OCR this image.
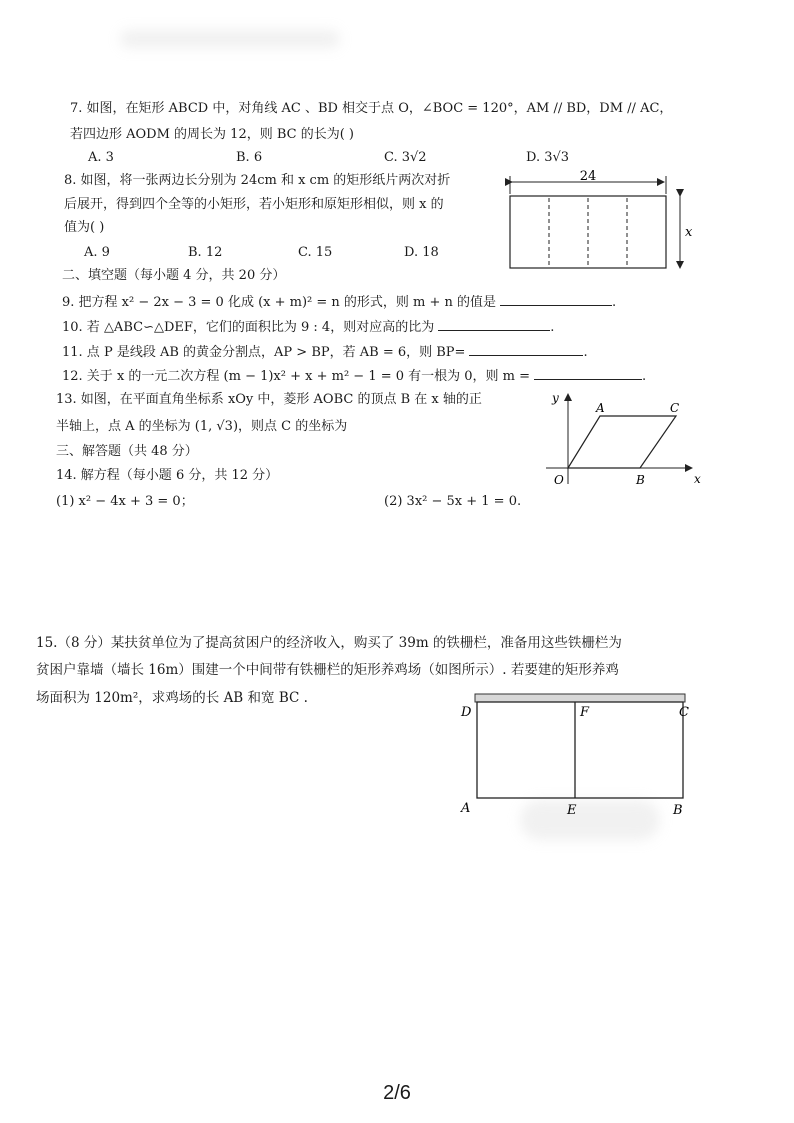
7. 如图，在矩形 ABCD 中，对角线 AC 、BD 相交于点 O，∠BOC = 120°，AM // BD，DM // AC，
若四边形 AODM 的周长为 12，则 BC 的长为( )
A. 3	B. 6	C. 3√2	D. 3√3
8. 如图，将一张两边长分别为 24cm 和 x cm 的矩形纸片两次对折
后展开，得到四个全等的小矩形，若小矩形和原矩形相似，则 x 的
值为( )
A. 9	B. 12	C. 15	D. 18
24
x
二、填空题（每小题 4 分，共 20 分）
9. 把方程 x² − 2x − 3 = 0 化成 (x + m)² = n 的形式，则 m + n 的值是	.
10. 若 △ABC∽△DEF，它们的面积比为 9 : 4，则对应高的比为	.
11. 点 P 是线段 AB 的黄金分割点，AP > BP，若 AB = 6，则 BP=	.
12. 关于 x 的一元二次方程 (m − 1)x² + x + m² − 1 = 0 有一根为 0，则 m =	.
13. 如图，在平面直角坐标系 xOy 中，菱形 AOBC 的顶点 B 在 x 轴的正
半轴上，点 A 的坐标为 (1, √3)，则点 C 的坐标为
y
x
O
A
B
C
三、解答题（共 48 分）
14. 解方程（每小题 6 分，共 12 分）
(1) x² − 4x + 3 = 0；	(2) 3x² − 5x + 1 = 0.
15.（8 分）某扶贫单位为了提高贫困户的经济收入，购买了 39m 的铁栅栏，准备用这些铁栅栏为
贫困户靠墙（墙长 16m）围建一个中间带有铁栅栏的矩形养鸡场（如图所示）. 若要建的矩形养鸡
场面积为 120m²，求鸡场的长 AB 和宽 BC .
D	F	C
A	E	B
2/6
